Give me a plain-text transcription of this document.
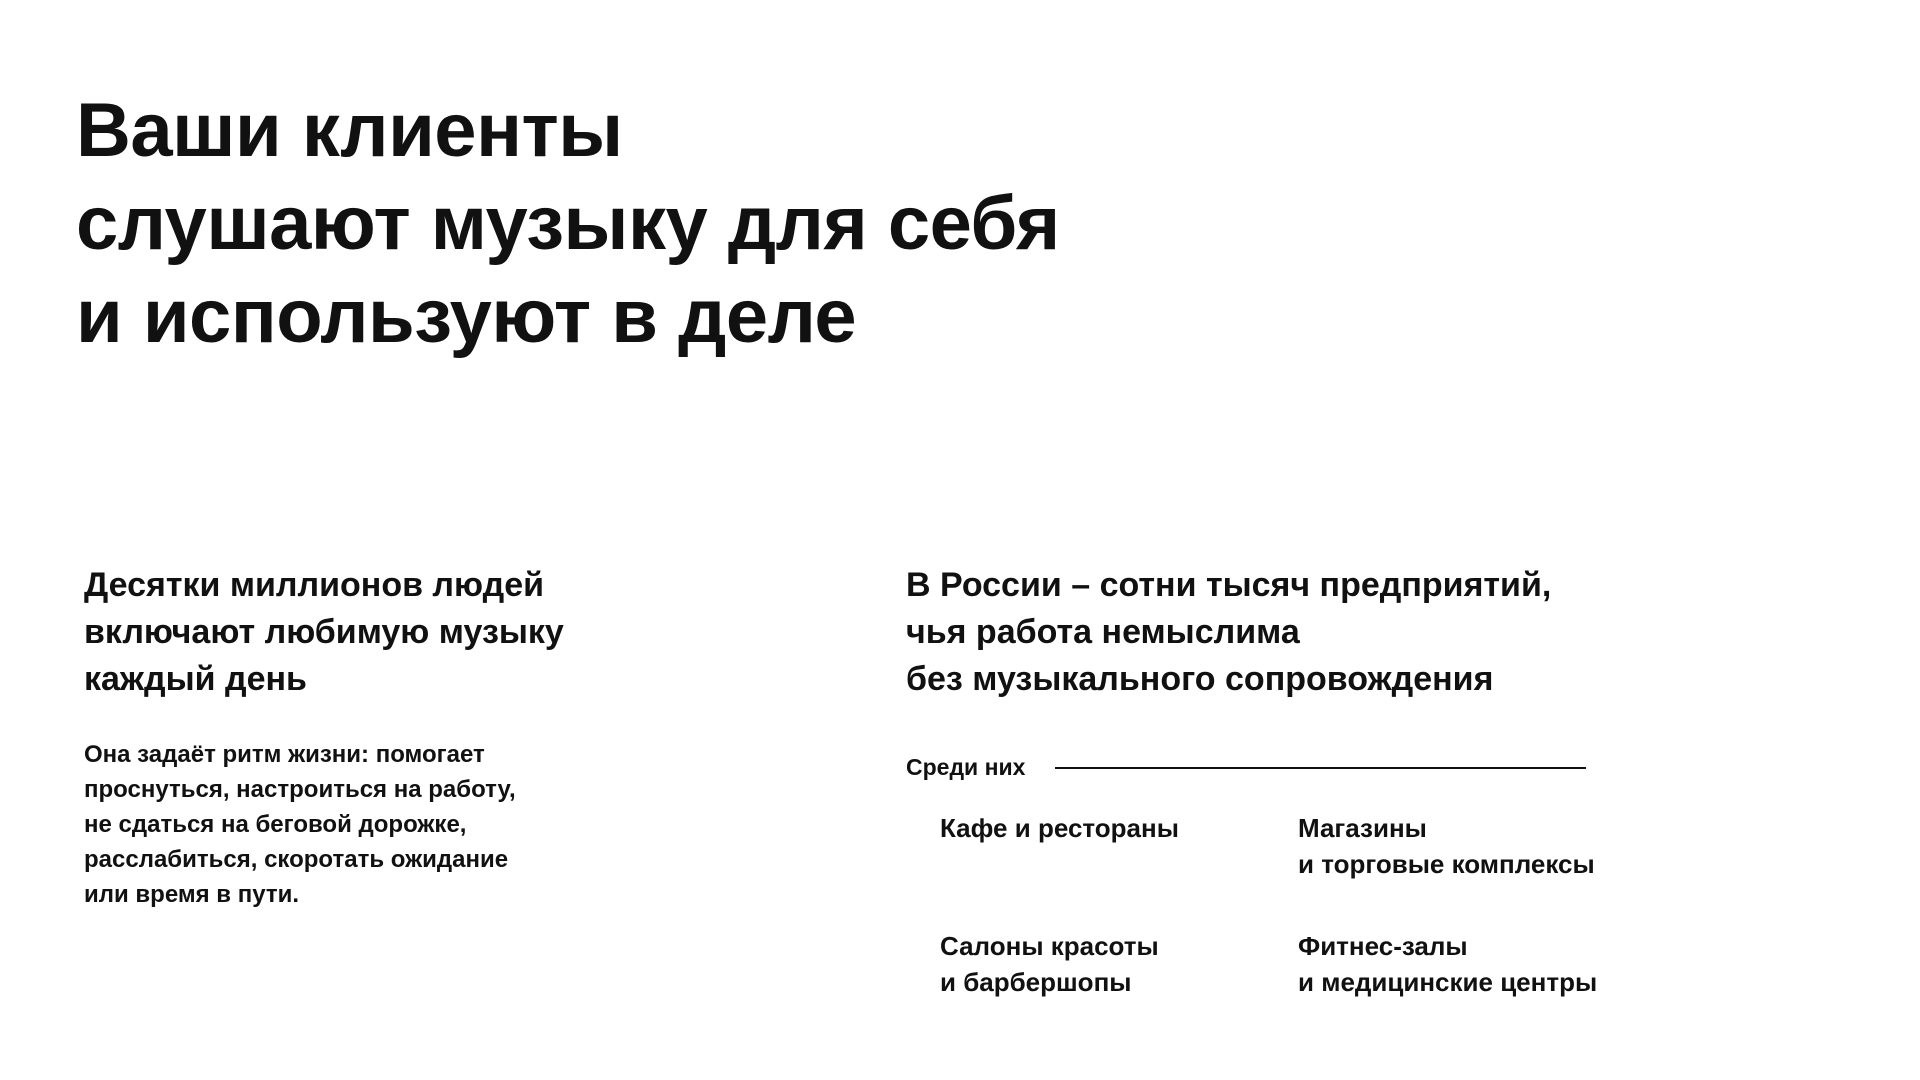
Ваши клиенты
слушают музыку для себя
и используют в деле

Десятки миллионов людей
включают любимую музыку
каждый день

Она задаёт ритм жизни: помогает
проснуться, настроиться на работу,
не сдаться на беговой дорожке,
расслабиться, скоротать ожидание
или время в пути.

В России – сотни тысяч предприятий,
чья работа немыслима
без музыкального сопровождения

Среди них
Кафе и рестораны	Магазины
и торговые комплексы
Салоны красоты
и барбершопы
Фитнес-залы
и медицинские центры
